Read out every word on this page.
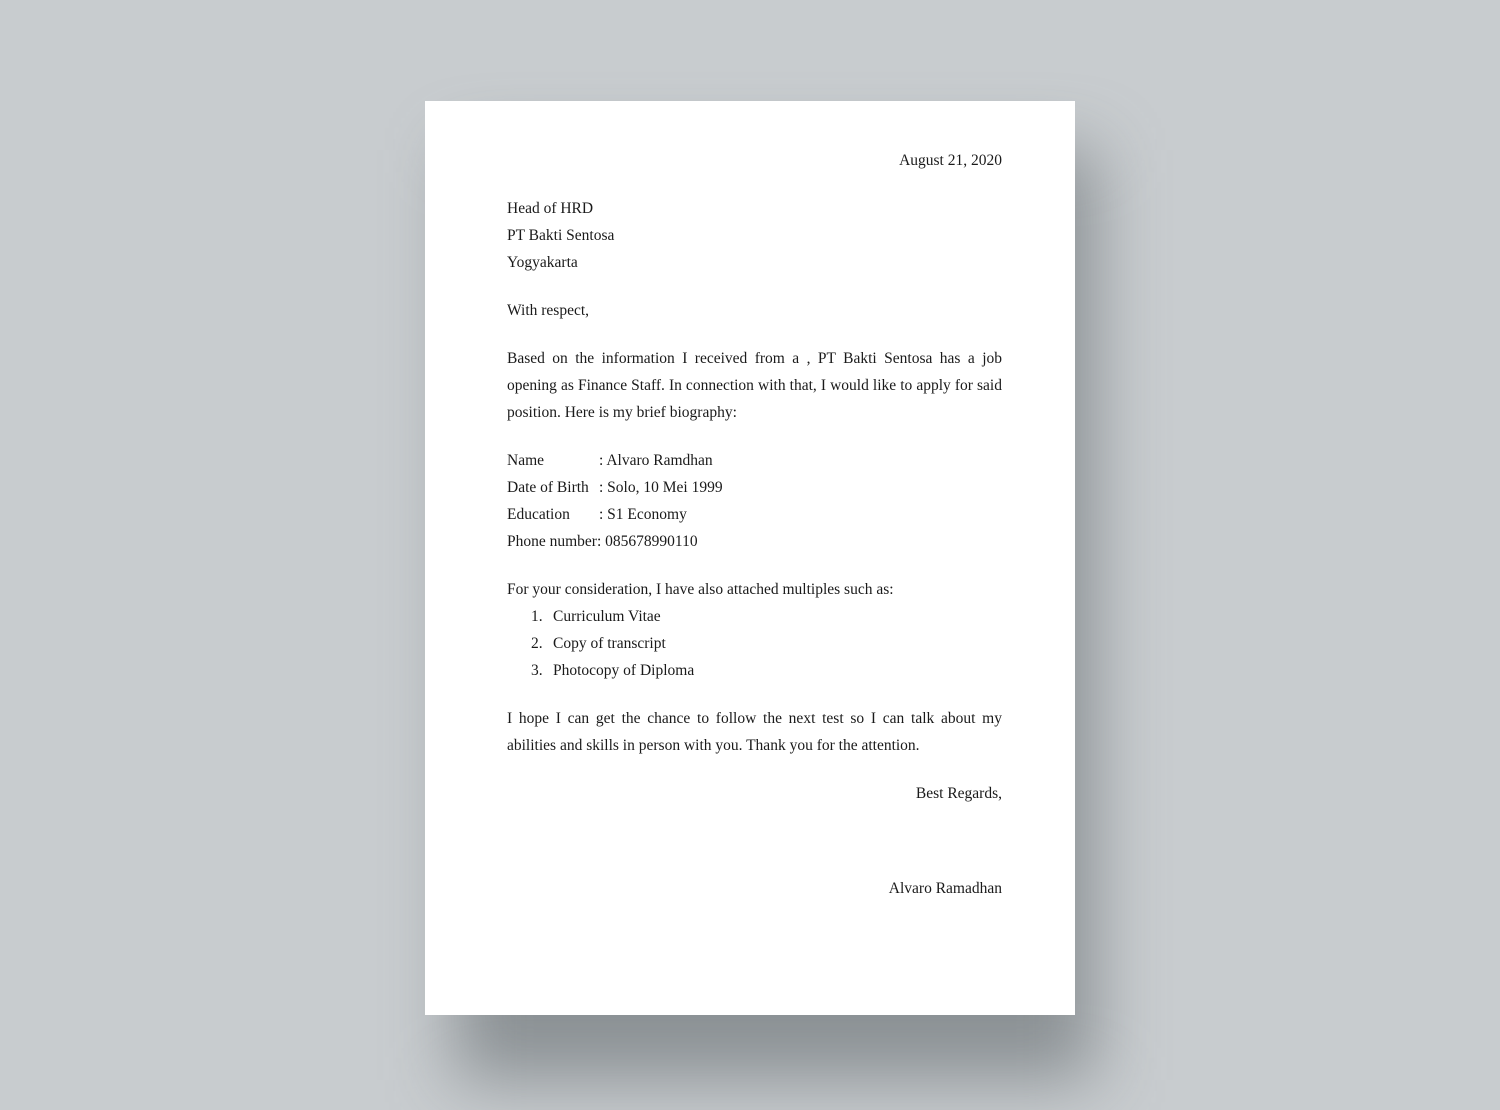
August 21, 2020

Head of HRD
PT Bakti Sentosa
Yogyakarta

With respect,

Based on the information I received from a , PT Bakti Sentosa has a job opening as Finance Staff. In connection with that, I would like to apply for said position. Here is my brief biography:

Name	: Alvaro Ramdhan
Date of Birth : Solo, 10 Mei 1999
Education : S1 Economy
Phone number: 085678990110

For your consideration, I have also attached multiples such as:

1. Curriculum Vitae
2. Copy of transcript
3. Photocopy of Diploma

I hope I can get the chance to follow the next test so I can talk about my abilities and skills in person with you. Thank you for the attention.

Best Regards,

Alvaro Ramadhan
